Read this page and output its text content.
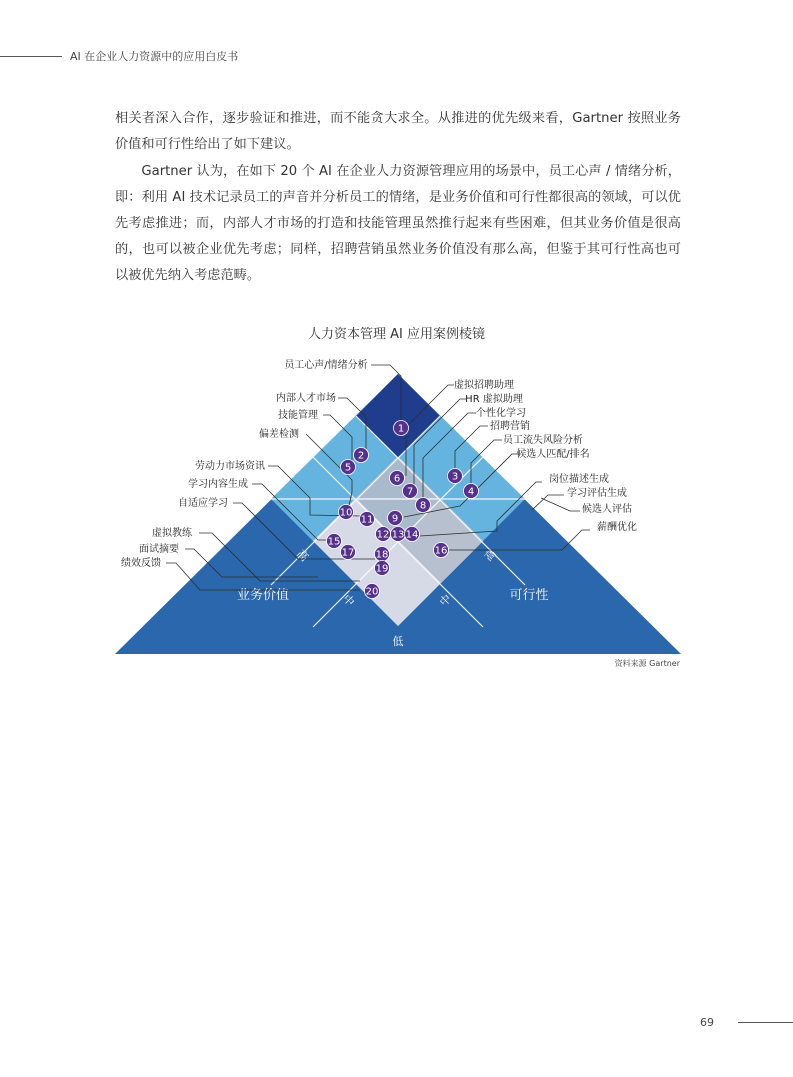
AI 在企业人力资源中的应用白皮书

相关者深入合作，逐步验证和推进，而不能贪大求全。从推进的优先级来看，Gartner 按照业务价值和可行性给出了如下建议。

Gartner 认为，在如下 20 个 AI 在企业人力资源管理应用的场景中，员工心声 / 情绪分析，即：利用 AI 技术记录员工的声音并分析员工的情绪，是业务价值和可行性都很高的领域，可以优先考虑推进；而，内部人才市场的打造和技能管理虽然推行起来有些困难，但其业务价值是很高的，也可以被企业优先考虑；同样，招聘营销虽然业务价值没有那么高，但鉴于其可行性高也可以被优先纳入考虑范畴。

人力资本管理 AI 应用案例棱镜
低
中	中
高	高
业务价值	可行性
员工心声/情绪分析
内部人才市场
技能管理
偏差检测
劳动力市场资讯
学习内容生成
自适应学习
虚拟教练
面试摘要
绩效反馈
虚拟招聘助理
HR 虚拟助理
个性化学习
招聘营销
员工流失风险分析
候选人匹配/排名
岗位描述生成
学习评估生成
候选人评估
薪酬优化
1
2
3
4
5
6
7
8
9
10
11
12 13 14
15
16
17 18
19
20
资料来源 Gartner
69
